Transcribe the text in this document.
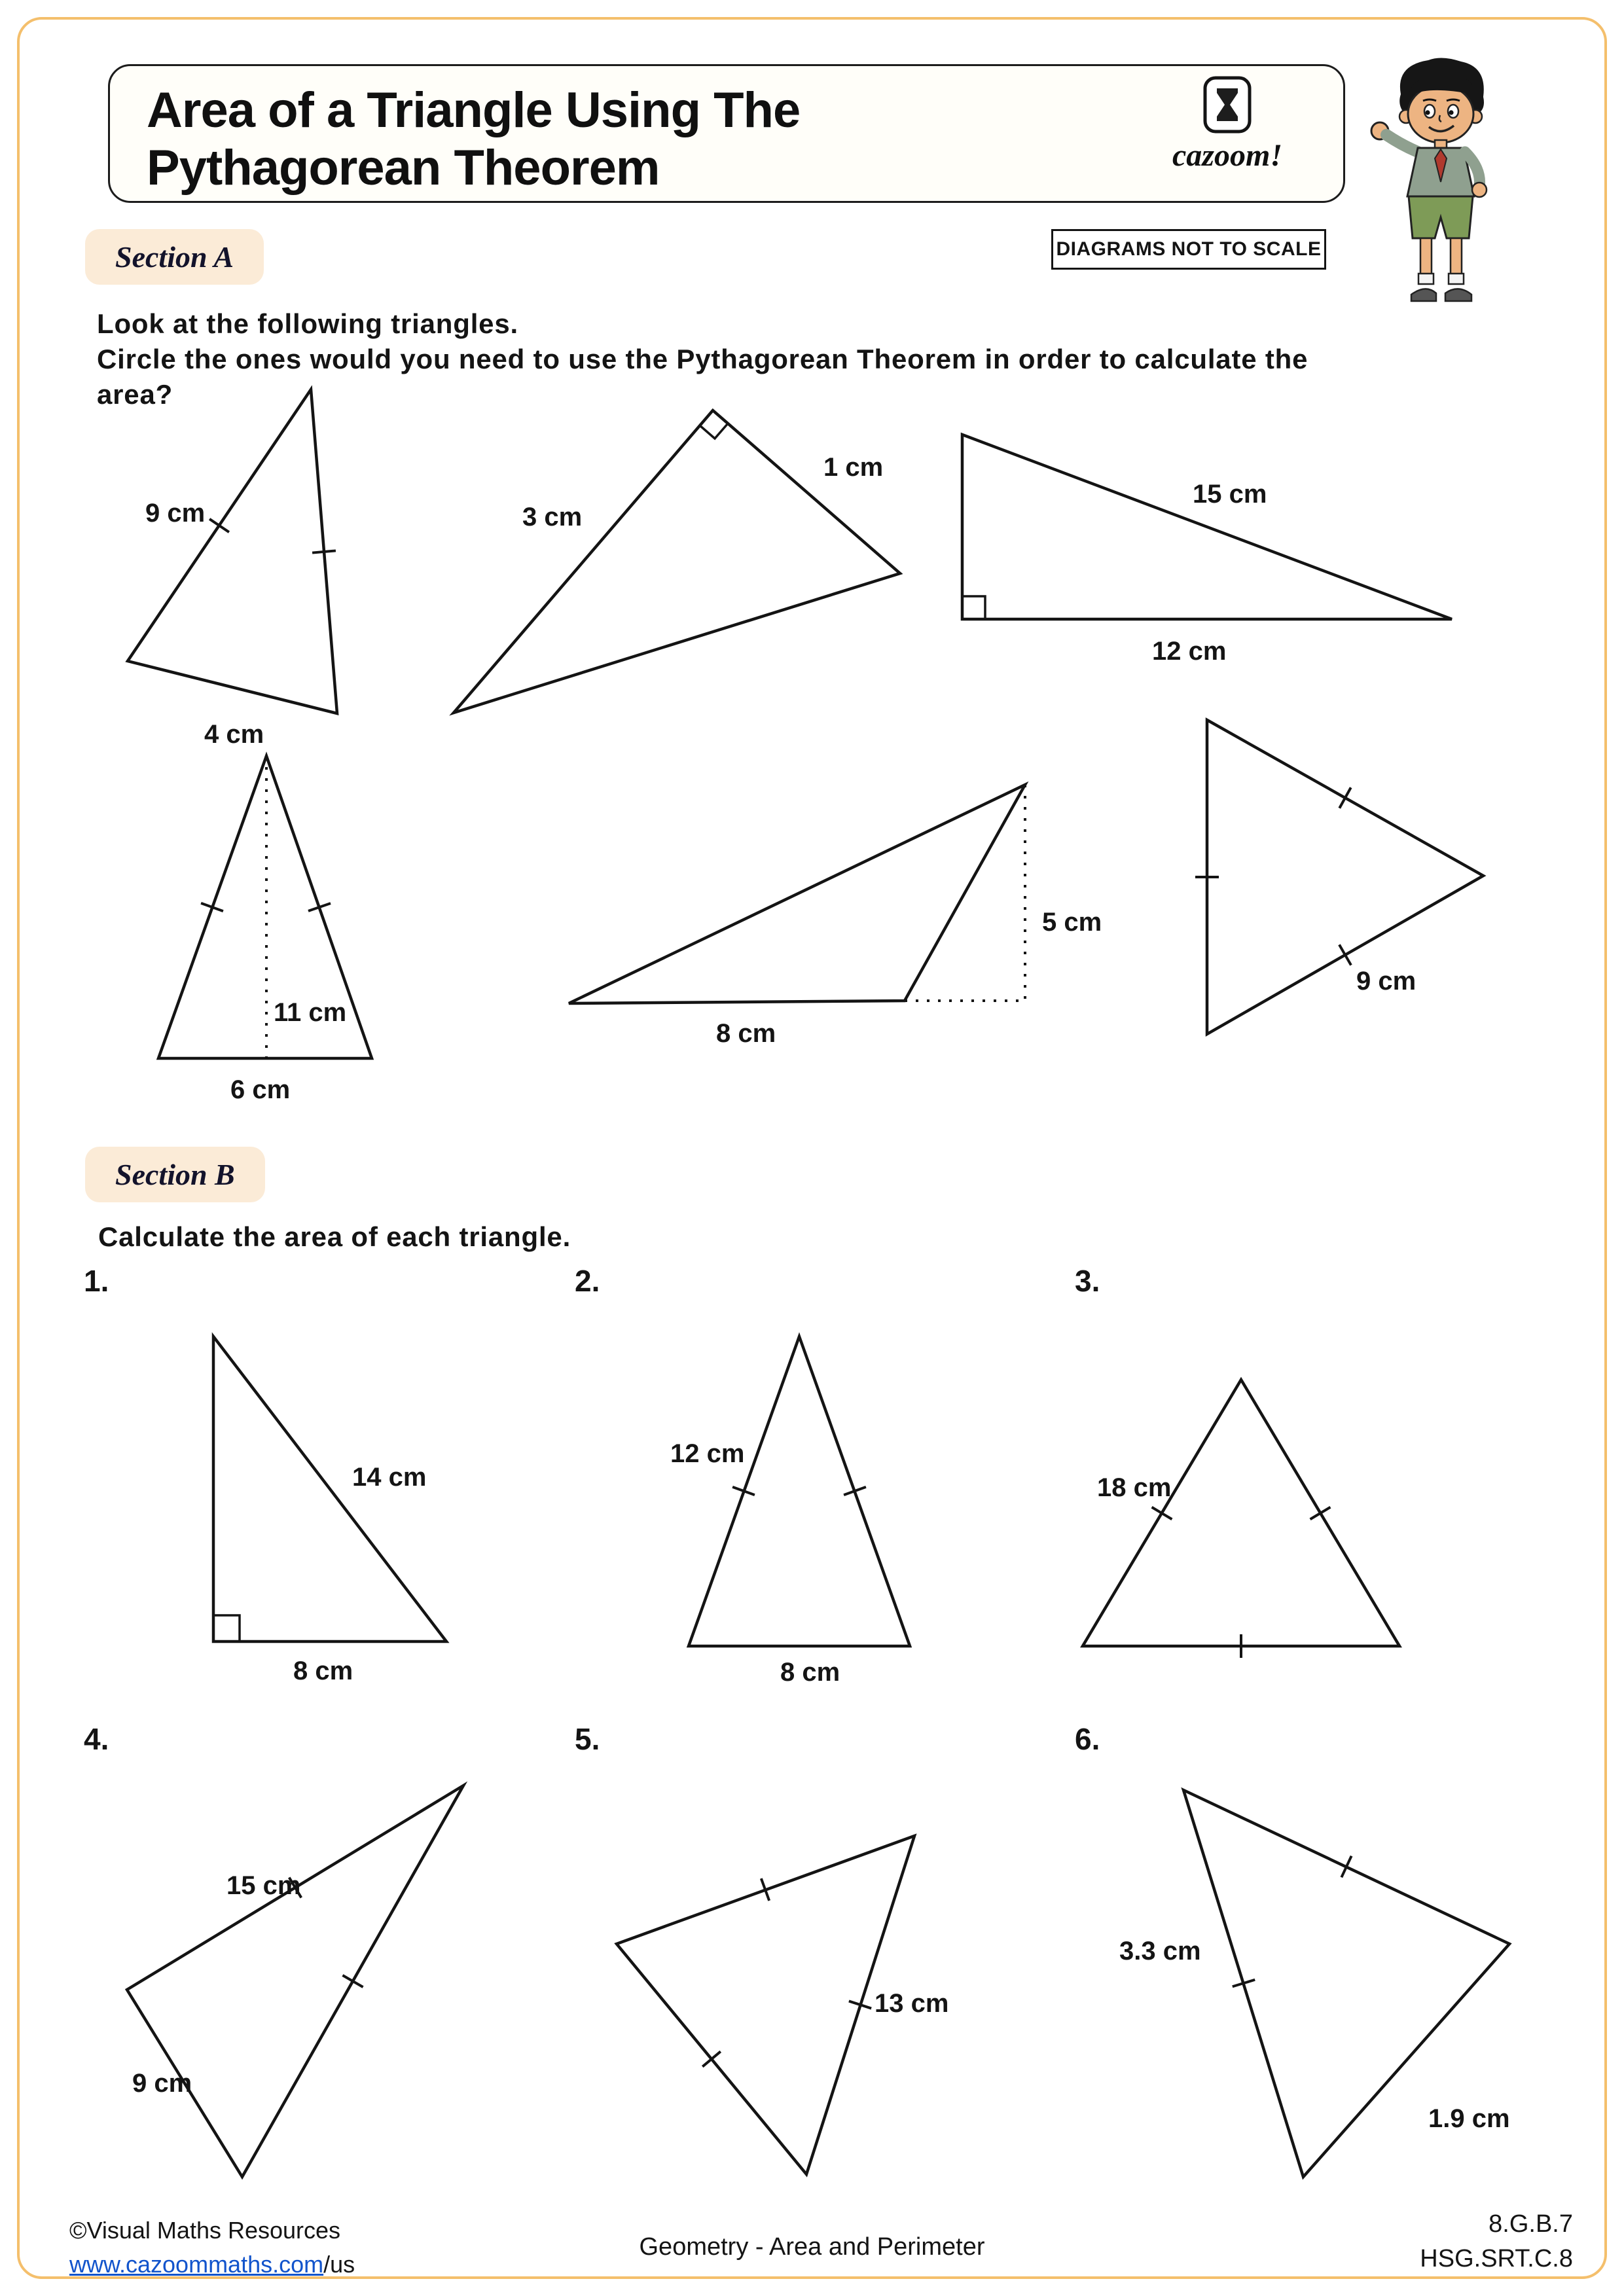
Area of a Triangle Using The
Pythagorean Theorem	cazoom!
Section A	DIAGRAMS NOT TO SCALE
Look at the following triangles.
Circle the ones would you need to use the Pythagorean Theorem in order to calculate the
area?
9 cm
4 cm
3 cm
1 cm
15 cm
12 cm
11 cm
6 cm
5 cm
8 cm
9 cm
Section B
Calculate the area of each triangle.
1.	2.	3.
4.	5.	6.
14 cm
8 cm
12 cm
8 cm
18 cm
15 cm
9 cm
13 cm
3.3 cm
1.9 cm
©Visual Maths Resources
www.cazoommaths.com/us
Geometry - Area and Perimeter
8.G.B.7
HSG.SRT.C.8
